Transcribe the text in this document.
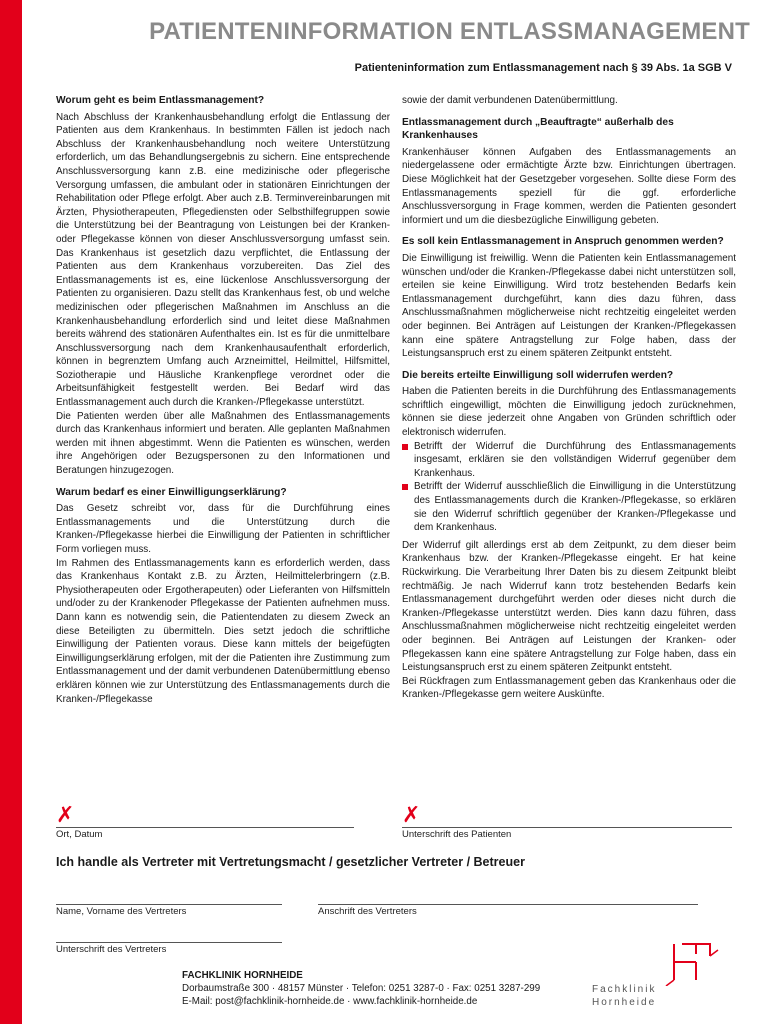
PATIENTENINFORMATION ENTLASSMANAGEMENT
Patienteninformation zum Entlassmanagement nach § 39 Abs. 1a SGB V
Worum geht es beim Entlassmanagement?

Nach Abschluss der Krankenhausbehandlung erfolgt die Entlassung der Patienten aus dem Krankenhaus. In bestimmten Fällen ist jedoch nach Abschluss der Krankenhausbehandlung noch weitere Unterstützung erforderlich, um das Behandlungsergebnis zu sichern. Eine entsprechende Anschlussversorgung kann z.B. eine medizinische oder pflegerische Versorgung umfassen, die ambulant oder in stationären Einrichtungen der Rehabilitation oder Pflege erfolgt. Aber auch z.B. Terminvereinbarungen mit Ärzten, Physiotherapeuten, Pflegediensten oder Selbsthilfegruppen sowie die Unterstützung bei der Beantragung von Leistungen bei der Kranken- oder Pflegekasse können von dieser Anschlussversorgung umfasst sein. Das Krankenhaus ist gesetzlich dazu verpflichtet, die Entlassung der Patienten aus dem Krankenhaus vorzubereiten. Das Ziel des Entlassmanagements ist es, eine lückenlose Anschlussversorgung der Patienten zu organisieren. Dazu stellt das Krankenhaus fest, ob und welche medizinischen oder pflegerischen Maßnahmen im Anschluss an die Krankenhausbehandlung erforderlich sind und leitet diese Maßnahmen bereits während des stationären Aufenthaltes ein. Ist es für die unmittelbare Anschlussversorgung nach dem Krankenhausaufenthalt erforderlich, können in begrenztem Umfang auch Arzneimittel, Heilmittel, Hilfsmittel, Soziotherapie und Häusliche Krankenpflege verordnet oder die Arbeitsunfähigkeit festgestellt werden. Bei Bedarf wird das Entlassmanagement auch durch die Kranken-/Pflegekasse unterstützt.

Die Patienten werden über alle Maßnahmen des Entlassmanagements durch das Krankenhaus informiert und beraten. Alle geplanten Maßnahmen werden mit ihnen abgestimmt. Wenn die Patienten es wünschen, werden ihre Angehörigen oder Bezugspersonen zu den Informationen und Beratungen hinzugezogen.

Warum bedarf es einer Einwilligungserklärung?

Das Gesetz schreibt vor, dass für die Durchführung eines Entlassmanagements und die Unterstützung durch die Kranken-/Pflegekasse hierbei die Einwilligung der Patienten in schriftlicher Form vorliegen muss.

Im Rahmen des Entlassmanagements kann es erforderlich werden, dass das Krankenhaus Kontakt z.B. zu Ärzten, Heilmittelerbringern (z.B. Physiotherapeuten oder Ergotherapeuten) oder Lieferanten von Hilfsmitteln und/oder zu der Krankenoder Pflegekasse der Patienten aufnehmen muss. Dann kann es notwendig sein, die Patientendaten zu diesem Zweck an diese Beteiligten zu übermitteln. Dies setzt jedoch die schriftliche Einwilligung der Patienten voraus. Diese kann mittels der beigefügten Einwilligungserklärung erfolgen, mit der die Patienten ihre Zustimmung zum Entlassmanagement und der damit verbundenen Datenübermittlung ebenso erklären können wie zur Unterstützung des Entlassmanagements durch die Kranken-/Pflegekasse

sowie der damit verbundenen Datenübermittlung.

Entlassmanagement durch „Beauftragte“ außerhalb des Krankenhauses

Krankenhäuser können Aufgaben des Entlassmanagements an niedergelassene oder ermächtigte Ärzte bzw. Einrichtungen übertragen. Diese Möglichkeit hat der Gesetzgeber vorgesehen. Sollte diese Form des Entlassmanagements speziell für die ggf. erforderliche Anschlussversorgung in Frage kommen, werden die Patienten gesondert informiert und um die diesbezügliche Einwilligung gebeten.

Es soll kein Entlassmanagement in Anspruch genommen werden?

Die Einwilligung ist freiwillig. Wenn die Patienten kein Entlassmanagement wünschen und/oder die Kranken-/Pflegekasse dabei nicht unterstützen soll, erteilen sie keine Einwilligung. Wird trotz bestehenden Bedarfs kein Entlassmanagement durchgeführt, kann dies dazu führen, dass Anschlussmaßnahmen möglicherweise nicht rechtzeitig eingeleitet werden oder beginnen. Bei Anträgen auf Leistungen der Kranken-/Pflegekassen kann eine spätere Antragstellung zur Folge haben, dass der Leistungsanspruch erst zu einem späteren Zeitpunkt entsteht.

Die bereits erteilte Einwilligung soll widerrufen werden?

Haben die Patienten bereits in die Durchführung des Entlassmanagements schriftlich eingewilligt, möchten die Einwilligung jedoch zurücknehmen, können sie diese jederzeit ohne Angaben von Gründen schriftlich oder elektronisch widerrufen.

Betrifft der Widerruf die Durchführung des Entlassmanagements insgesamt, erklären sie den vollständigen Widerruf gegenüber dem Krankenhaus.
Betrifft der Widerruf ausschließlich die Einwilligung in die Unterstützung des Entlassmanagements durch die Kranken-/Pflegekasse, so erklären sie den Widerruf schriftlich gegenüber der Kranken-/Pflegekasse und dem Krankenhaus.

Der Widerruf gilt allerdings erst ab dem Zeitpunkt, zu dem dieser beim Krankenhaus bzw. der Kranken-/Pflegekasse eingeht. Er hat keine Rückwirkung. Die Verarbeitung Ihrer Daten bis zu diesem Zeitpunkt bleibt rechtmäßig. Je nach Widerruf kann trotz bestehenden Bedarfs kein Entlassmanagement durchgeführt werden oder dieses nicht durch die Kranken-/Pflegekasse unterstützt werden. Dies kann dazu führen, dass Anschlussmaßnahmen möglicherweise nicht rechtzeitig eingeleitet werden oder beginnen. Bei Anträgen auf Leistungen der Kranken- oder Pflegekassen kann eine spätere Antragstellung zur Folge haben, dass ein Leistungsanspruch erst zu einem späteren Zeitpunkt entsteht.

Bei Rückfragen zum Entlassmanagement geben das Krankenhaus oder die Kranken-/Pflegekasse gern weitere Auskünfte.

✗
Ort, Datum
✗
Unterschrift des Patienten
Ich handle als Vertreter mit Vertretungsmacht / gesetzlicher Vertreter / Betreuer
Name, Vorname des Vertreters	Anschrift des Vertreters
Unterschrift des Vertreters
FACHKLINIK HORNHEIDE
Dorbaumstraße 300 · 48157 Münster · Telefon: 0251 3287-0 · Fax: 0251 3287-299
E-Mail: post@fachklinik-hornheide.de · www.fachklinik-hornheide.de
Fachklinik
Hornheide
